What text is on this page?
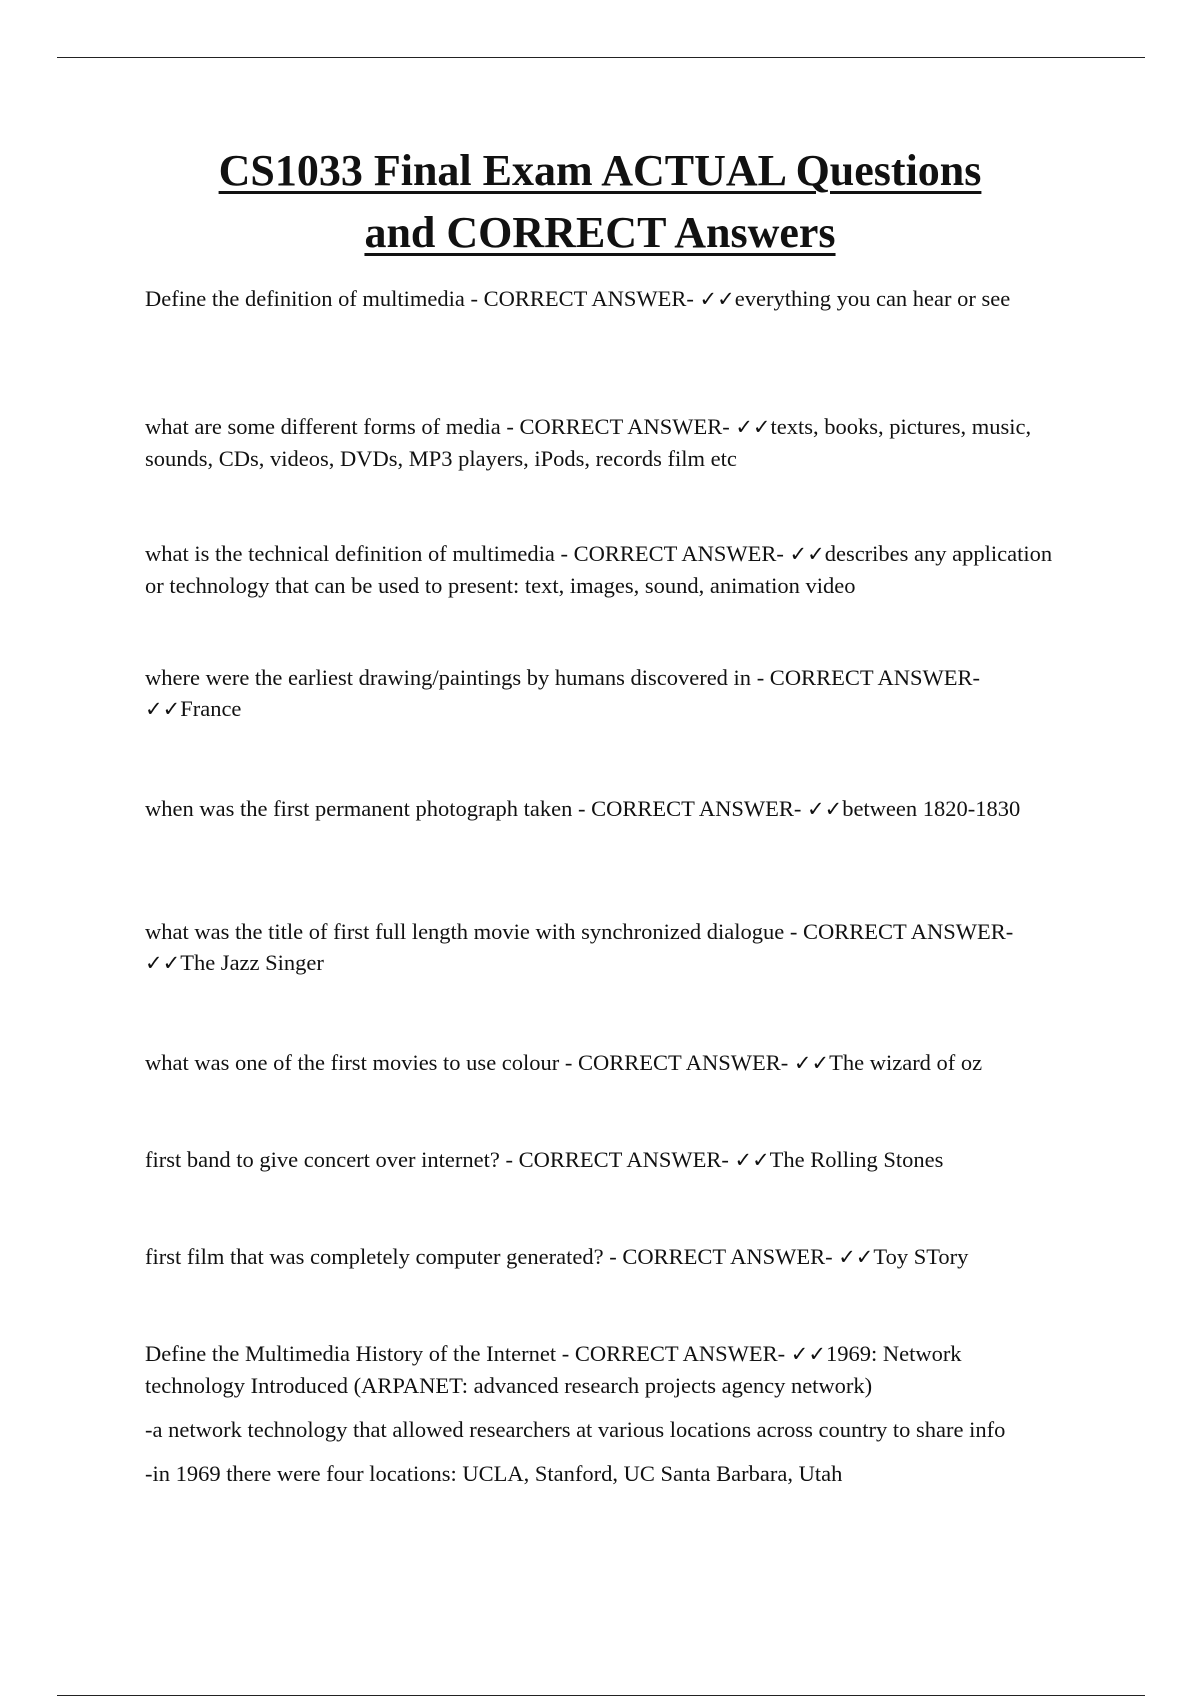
CS1033 Final Exam ACTUAL Questions
and CORRECT Answers

Define the definition of multimedia - CORRECT ANSWER- ✓✓everything you can hear or see

what are some different forms of media - CORRECT ANSWER- ✓✓texts, books, pictures, music, sounds, CDs, videos, DVDs, MP3 players, iPods, records film etc

what is the technical definition of multimedia - CORRECT ANSWER- ✓✓describes any application or technology that can be used to present: text, images, sound, animation video

where were the earliest drawing/paintings by humans discovered in - CORRECT ANSWER- ✓✓France

when was the first permanent photograph taken - CORRECT ANSWER- ✓✓between 1820-1830

what was the title of first full length movie with synchronized dialogue - CORRECT ANSWER- ✓✓The Jazz Singer

what was one of the first movies to use colour - CORRECT ANSWER- ✓✓The wizard of oz

first band to give concert over internet? - CORRECT ANSWER- ✓✓The Rolling Stones

first film that was completely computer generated? - CORRECT ANSWER- ✓✓Toy STory

Define the Multimedia History of the Internet - CORRECT ANSWER- ✓✓1969: Network technology Introduced (ARPANET: advanced research projects agency network)
-a network technology that allowed researchers at various locations across country to share info
-in 1969 there were four locations: UCLA, Stanford, UC Santa Barbara, Utah
